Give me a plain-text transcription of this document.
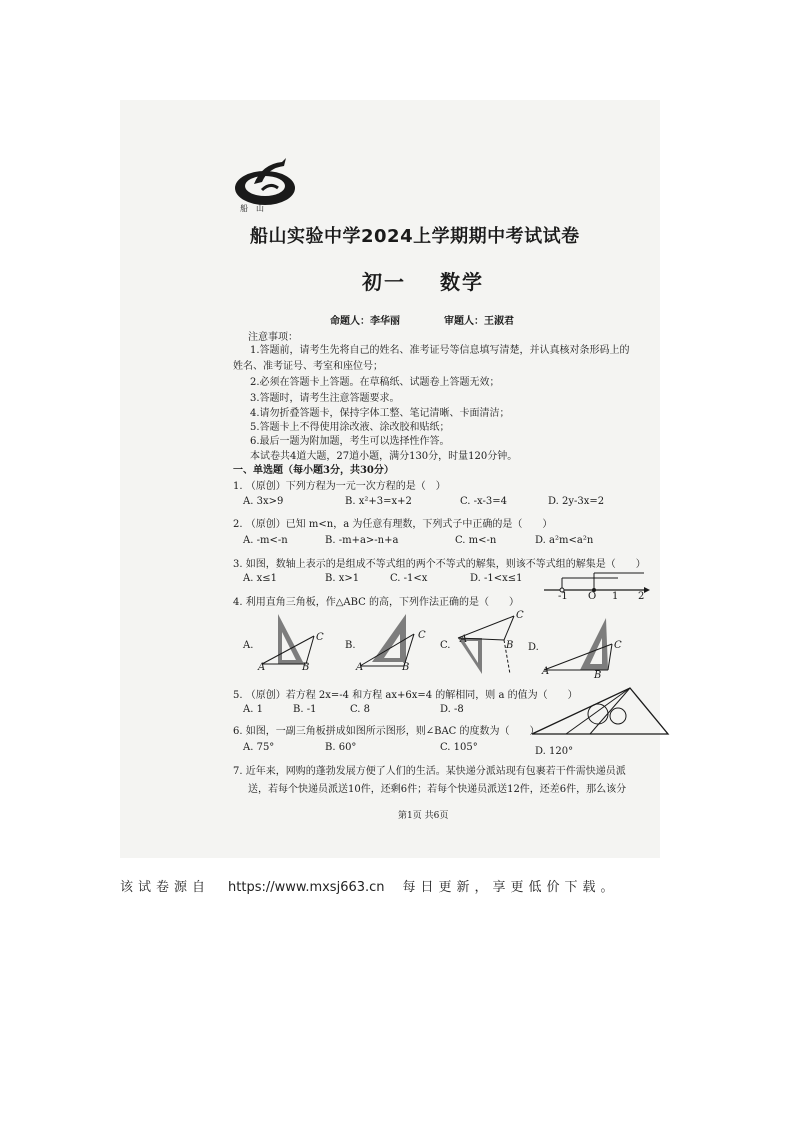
船　山
船山实验中学2024上学期期中考试试卷
初一 数学
命题人：李华丽	审题人：王淑君
注意事项：
1.答题前，请考生先将自己的姓名、准考证号等信息填写清楚，并认真核对条形码上的
姓名、准考证号、考室和座位号；
2.必须在答题卡上答题。在草稿纸、试题卷上答题无效；
3.答题时，请考生注意答题要求。
4.请勿折叠答题卡，保持字体工整、笔记清晰、卡面清洁；
5.答题卡上不得使用涂改液、涂改胶和贴纸；
6.最后一题为附加题，考生可以选择性作答。
本试卷共4道大题，27道小题，满分130分，时量120分钟。
一、单选题（每小题3分，共30分）
1. （原创）下列方程为一元一次方程的是（　）
A. 3x>9	B. x²+3=x+2	C. -x-3=4	D. 2y-3x=2
2. （原创）已知 m<n，a 为任意有理数，下列式子中正确的是（　　）
A. -m<-n	B. -m+a>-n+a	C. m<-n	D. a²m<a²n
3. 如图，数轴上表示的是组成不等式组的两个不等式的解集，则该不等式组的解集是（　　）
A. x≤1	B. x>1	C. -1<x	D. -1<x≤1
-1 O 1 2
4. 利用直角三角板，作△ABC 的高，下列作法正确的是（　　）
A.	B.	C.	D.
C
A	B
C
A	B
C
A
B	C
A	B
5. （原创）若方程 2x=-4 和方程 ax+6x=4 的解相同，则 a 的值为（　　）
A. 1	B. -1	C. 8	D. -8
6. 如图，一副三角板拼成如图所示图形，则∠BAC 的度数为（　　）
A. 75°	B. 60°	C. 105°	D. 120°
7. 近年来，网购的蓬勃发展方便了人们的生活。某快递分派站现有包裹若干件需快递员派
送，若每个快递员派送10件，还剩6件；若每个快递员派送12件，还差6件，那么该分
第1页 共6页
该试卷源自 https://www.mxsj663.cn 每日更新，享更低价下载。
